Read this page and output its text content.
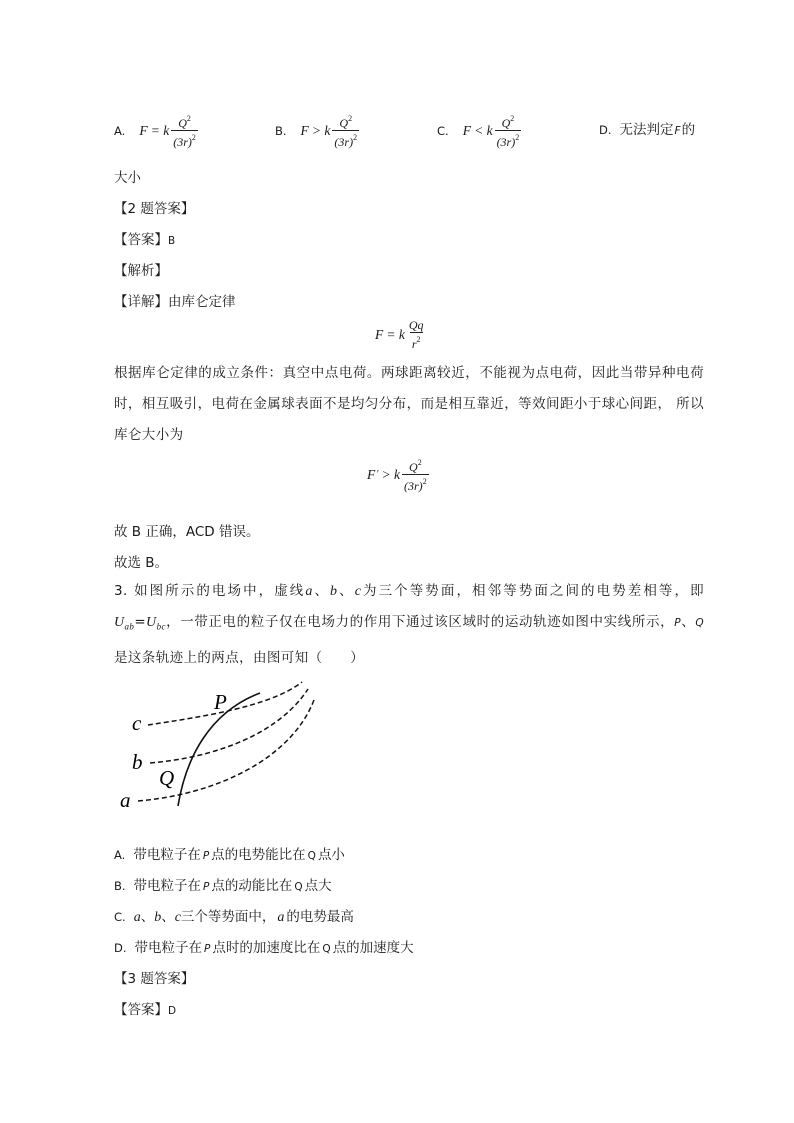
A. F = k $\frac{Q^2}{(3r)^2}$	B. F > k $\frac{Q^2}{(3r)^2}$	C. F < k $\frac{Q^2}{(3r)^2}$	D. 无法判定F的
大小
【2 题答案】
【答案】B
【解析】
【详解】由库仑定律
F = k $\frac{Qq}{r^2}$
根据库仑定律的成立条件：真空中点电荷。两球距离较近，不能视为点电荷，因此当带异种电荷时，相互吸引，电荷在金属球表面不是均匀分布，而是相互靠近，等效间距小于球心间距， 所以库仑大小为
F ' > k $\frac{Q^2}{(3r)^2}$
故 B 正确，ACD 错误。
故选 B。
3. 如图所示的电场中，虚线a、b、c为三个等势面，相邻等势面之间的电势差相等，即$U_{ab}=U_{bc}$，一带正电的粒子仅在电场力的作用下通过该区域时的运动轨迹如图中实线所示，P、Q是这条轨迹上的两点，由图可知（　　）
c
b
a
P
Q
A. 带电粒子在 P 点的电势能比在 Q 点小
B. 带电粒子在 P 点的动能比在 Q 点大
C. a、b、c三个等势面中， a 的电势最高
D. 带电粒子在 P 点时的加速度比在 Q 点的加速度大
【3 题答案】
【答案】D
